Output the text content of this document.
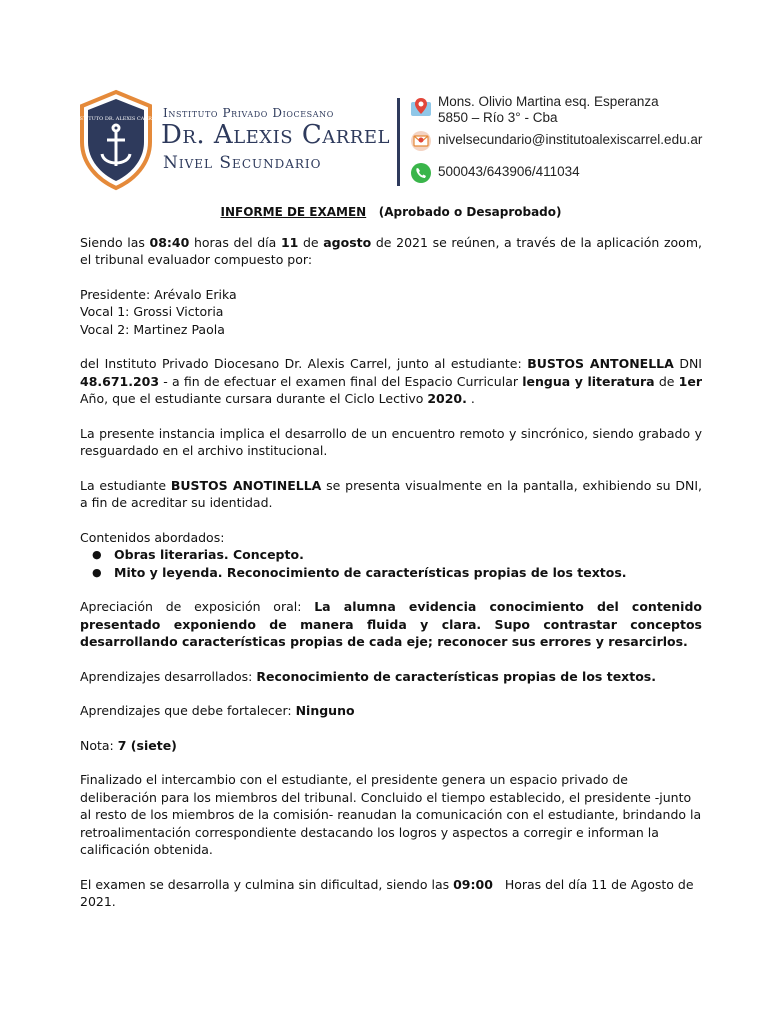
INSTITUTO DR. ALEXIS CARREL Instituto Privado Diocesano
Dr. Alexis Carrel
Nivel Secundario
Mons. Olivio Martina esq. Esperanza
5850 – Río 3° - Cba
nivelsecundario@institutoalexiscarrel.edu.ar
500043/643906/411034
INFORME DE EXAMEN (Aprobado o Desaprobado)

Siendo las 08:40 horas del día 11 de agosto de 2021 se reúnen, a través de la aplicación zoom, el tribunal evaluador compuesto por:

Presidente: Arévalo Erika
Vocal 1: Grossi Victoria
Vocal 2: Martinez Paola

del Instituto Privado Diocesano Dr. Alexis Carrel, junto al estudiante: BUSTOS ANTONELLA DNI 48.671.203 - a fin de efectuar el examen final del Espacio Curricular lengua y literatura de 1er Año, que el estudiante cursara durante el Ciclo Lectivo 2020. .

La presente instancia implica el desarrollo de un encuentro remoto y sincrónico, siendo grabado y resguardado en el archivo institucional.

La estudiante BUSTOS ANOTINELLA se presenta visualmente en la pantalla, exhibiendo su DNI, a fin de acreditar su identidad.

Contenidos abordados:
● Obras literarias. Concepto.
● Mito y leyenda. Reconocimiento de características propias de los textos.

Apreciación de exposición oral: La alumna evidencia conocimiento del contenido presentado exponiendo de manera fluida y clara. Supo contrastar conceptos desarrollando características propias de cada eje; reconocer sus errores y resarcirlos.

Aprendizajes desarrollados: Reconocimiento de características propias de los textos.

Aprendizajes que debe fortalecer: Ninguno

Nota: 7 (siete)

Finalizado el intercambio con el estudiante, el presidente genera un espacio privado de deliberación para los miembros del tribunal. Concluido el tiempo establecido, el presidente -junto al resto de los miembros de la comisión- reanudan la comunicación con el estudiante, brindando la retroalimentación correspondiente destacando los logros y aspectos a corregir e informan la calificación obtenida.

El examen se desarrolla y culmina sin dificultad, siendo las 09:00   Horas del día 11 de Agosto de 2021.
